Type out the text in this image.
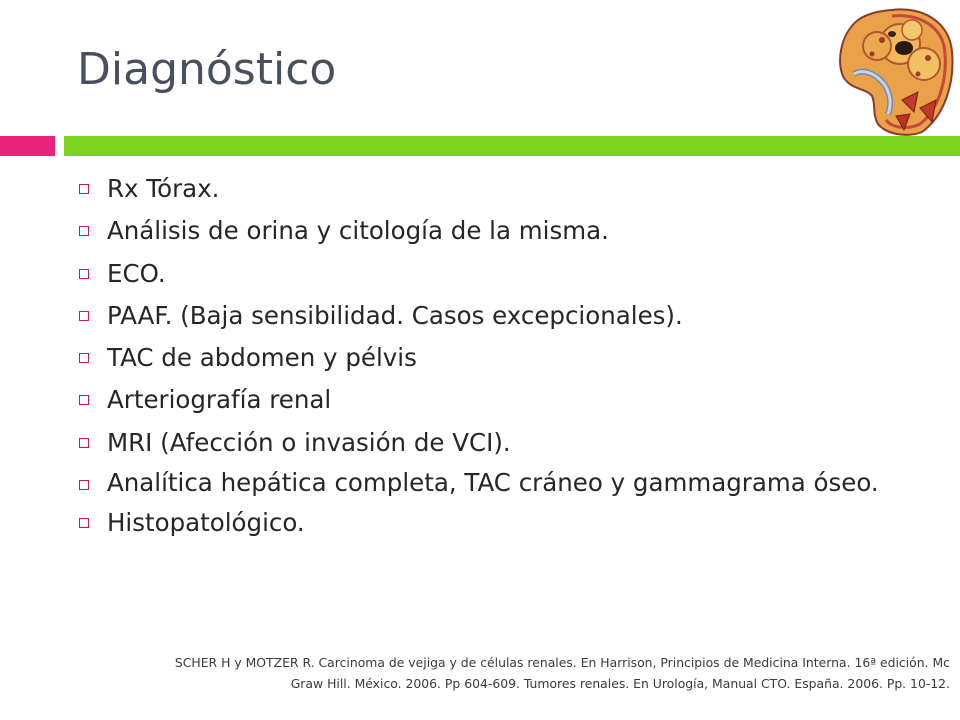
Diagnóstico
Rx Tórax.
Análisis de orina y citología de la misma.
ECO.
PAAF. (Baja sensibilidad. Casos excepcionales).
TAC de abdomen y pélvis
Arteriografía renal
MRI (Afección o invasión de VCI).
Analítica hepática completa, TAC cráneo y gammagrama óseo.
Histopatológico.
SCHER H y MOTZER R. Carcinoma de vejiga y de células renales. En Harrison, Principios de Medicina Interna. 16ª edición. Mc
Graw Hill. México. 2006. Pp 604-609. Tumores renales. En Urología, Manual CTO. España. 2006. Pp. 10-12.
